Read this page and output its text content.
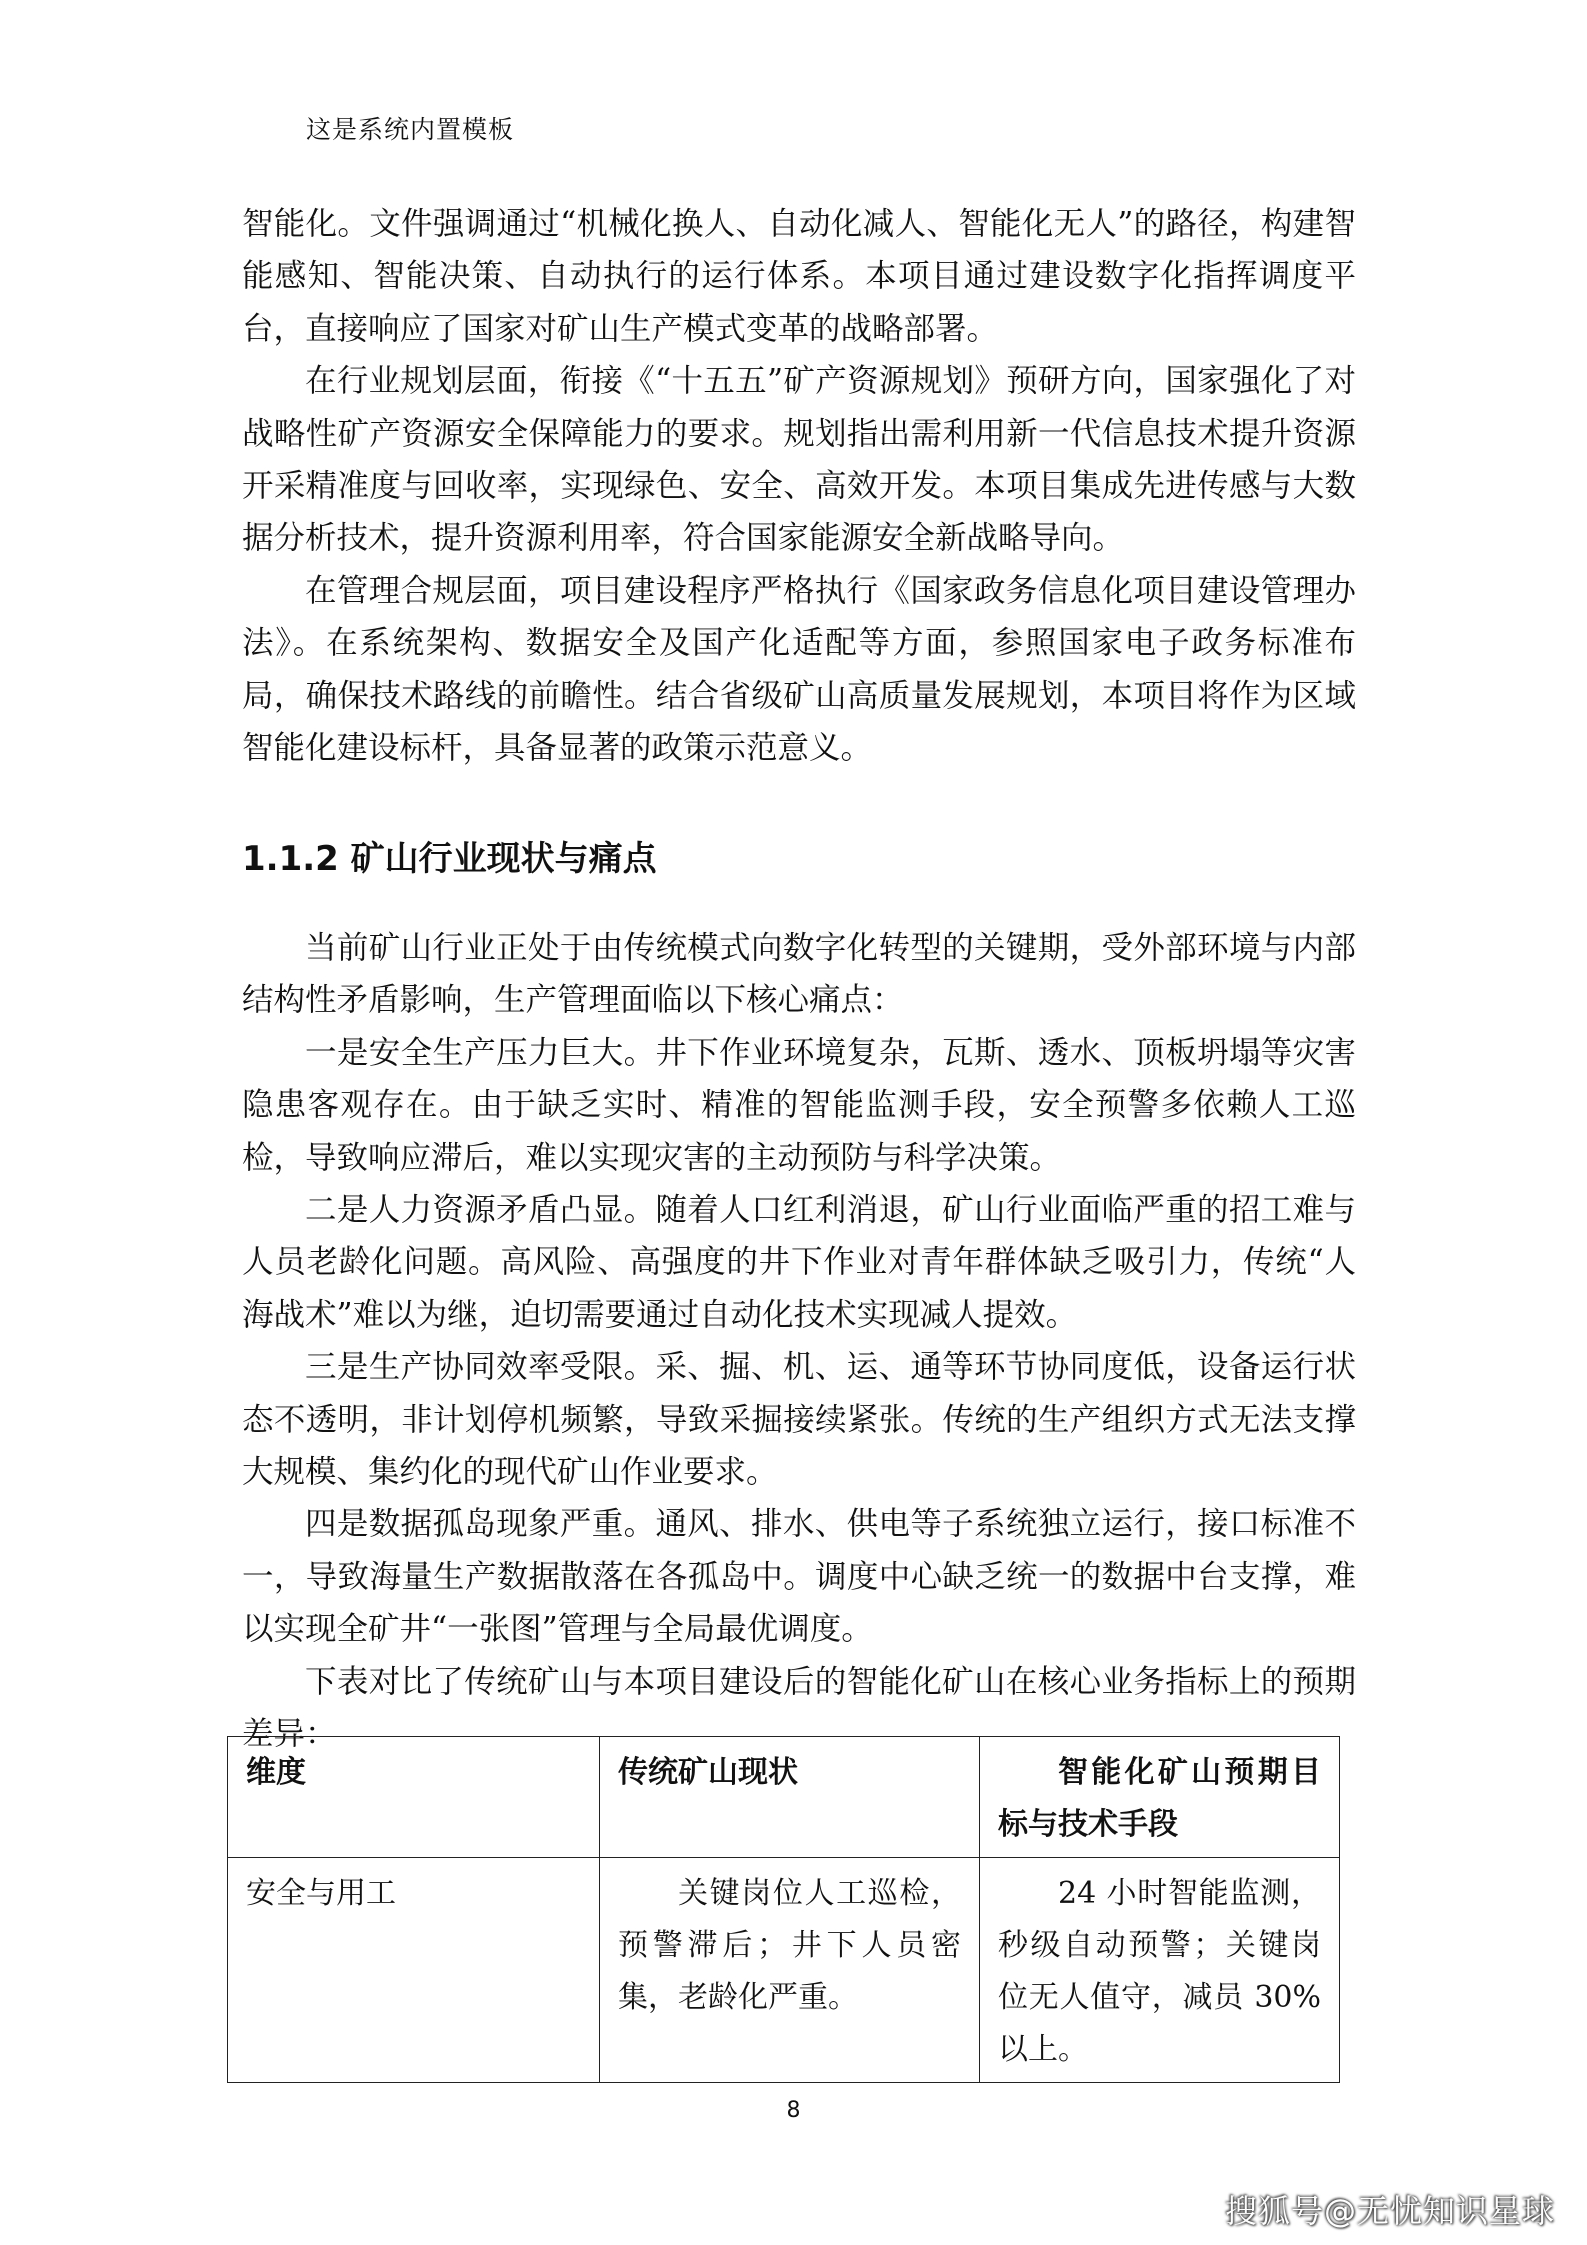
这是系统内置模板

智能化。文件强调通过“机械化换人、自动化减人、智能化无人”的路径，构建智能感知、智能决策、自动执行的运行体系。本项目通过建设数字化指挥调度平台，直接响应了国家对矿山生产模式变革的战略部署。

在行业规划层面，衔接《“十五五”矿产资源规划》预研方向，国家强化了对战略性矿产资源安全保障能力的要求。规划指出需利用新一代信息技术提升资源开采精准度与回收率，实现绿色、安全、高效开发。本项目集成先进传感与大数据分析技术，提升资源利用率，符合国家能源安全新战略导向。

在管理合规层面，项目建设程序严格执行《国家政务信息化项目建设管理办法》。在系统架构、数据安全及国产化适配等方面，参照国家电子政务标准布局，确保技术路线的前瞻性。结合省级矿山高质量发展规划，本项目将作为区域智能化建设标杆，具备显著的政策示范意义。

1.1.2 矿山行业现状与痛点

当前矿山行业正处于由传统模式向数字化转型的关键期，受外部环境与内部结构性矛盾影响，生产管理面临以下核心痛点：

一是安全生产压力巨大。井下作业环境复杂，瓦斯、透水、顶板坍塌等灾害隐患客观存在。由于缺乏实时、精准的智能监测手段，安全预警多依赖人工巡检，导致响应滞后，难以实现灾害的主动预防与科学决策。

二是人力资源矛盾凸显。随着人口红利消退，矿山行业面临严重的招工难与人员老龄化问题。高风险、高强度的井下作业对青年群体缺乏吸引力，传统“人海战术”难以为继，迫切需要通过自动化技术实现减人提效。

三是生产协同效率受限。采、掘、机、运、通等环节协同度低，设备运行状态不透明，非计划停机频繁，导致采掘接续紧张。传统的生产组织方式无法支撑大规模、集约化的现代矿山作业要求。

四是数据孤岛现象严重。通风、排水、供电等子系统独立运行，接口标准不一，导致海量生产数据散落在各孤岛中。调度中心缺乏统一的数据中台支撑，难以实现全矿井“一张图”管理与全局最优调度。

下表对比了传统矿山与本项目建设后的智能化矿山在核心业务指标上的预期差异：

维度	传统矿山现状	智能化矿山预期目标与技术手段
安全与用工	关键岗位人工巡检，预警滞后；井下人员密集，老龄化严重。	24 小时智能监测，秒级自动预警；关键岗位无人值守，减员 30%以上。
8
搜狐号@无忧知识星球
